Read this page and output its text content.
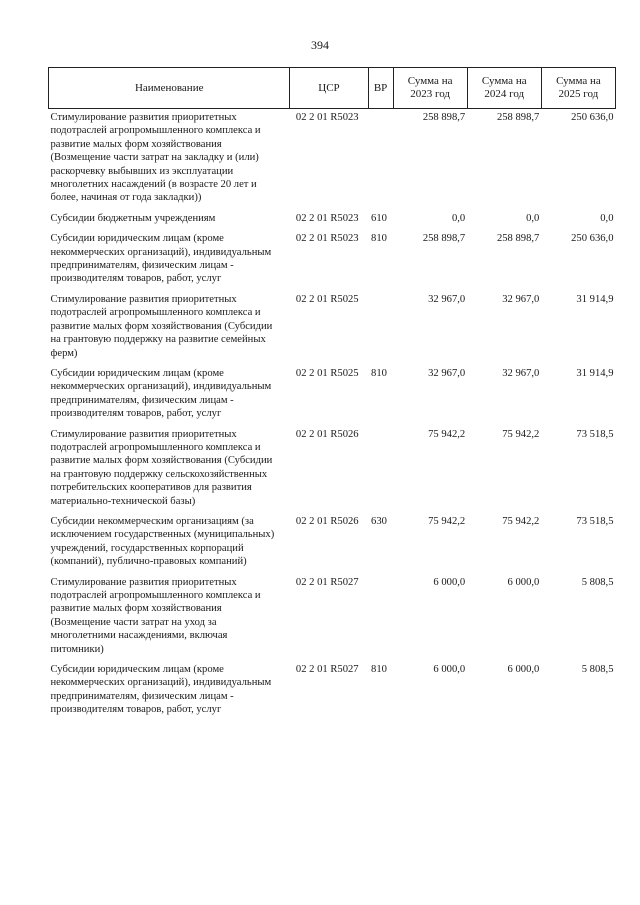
394
Наименование	ЦСР	ВР	Сумма на 2023 год	Сумма на 2024 год	Сумма на 2025 год
Стимулирование развития приоритетных подотраслей агропромышленного комплекса и развитие малых форм хозяйствования (Возмещение части затрат на закладку и (или) раскорчевку выбывших из эксплуатации многолетних насаждений (в возрасте 20 лет и более, начиная от года закладки))	02 2 01 R5023		258 898,7	258 898,7	250 636,0
Субсидии бюджетным учреждениям	02 2 01 R5023	610	0,0	0,0	0,0
Субсидии юридическим лицам (кроме некоммерческих организаций), индивидуальным предпринимателям, физическим лицам - производителям товаров, работ, услуг	02 2 01 R5023	810	258 898,7	258 898,7	250 636,0
Стимулирование развития приоритетных подотраслей агропромышленного комплекса и развитие малых форм хозяйствования (Субсидии на грантовую поддержку на развитие семейных ферм)	02 2 01 R5025		32 967,0	32 967,0	31 914,9
Субсидии юридическим лицам (кроме некоммерческих организаций), индивидуальным предпринимателям, физическим лицам - производителям товаров, работ, услуг	02 2 01 R5025	810	32 967,0	32 967,0	31 914,9
Стимулирование развития приоритетных подотраслей агропромышленного комплекса и развитие малых форм хозяйствования (Субсидии на грантовую поддержку сельскохозяйственных потребительских кооперативов для развития материально-технической базы)	02 2 01 R5026		75 942,2	75 942,2	73 518,5
Субсидии некоммерческим организациям (за исключением государственных (муниципальных) учреждений, государственных корпораций (компаний), публично-правовых компаний)	02 2 01 R5026	630	75 942,2	75 942,2	73 518,5
Стимулирование развития приоритетных подотраслей агропромышленного комплекса и развитие малых форм хозяйствования (Возмещение части затрат на уход за многолетними насаждениями, включая питомники)	02 2 01 R5027		6 000,0	6 000,0	5 808,5
Субсидии юридическим лицам (кроме некоммерческих организаций), индивидуальным предпринимателям, физическим лицам - производителям товаров, работ, услуг	02 2 01 R5027	810	6 000,0	6 000,0	5 808,5
